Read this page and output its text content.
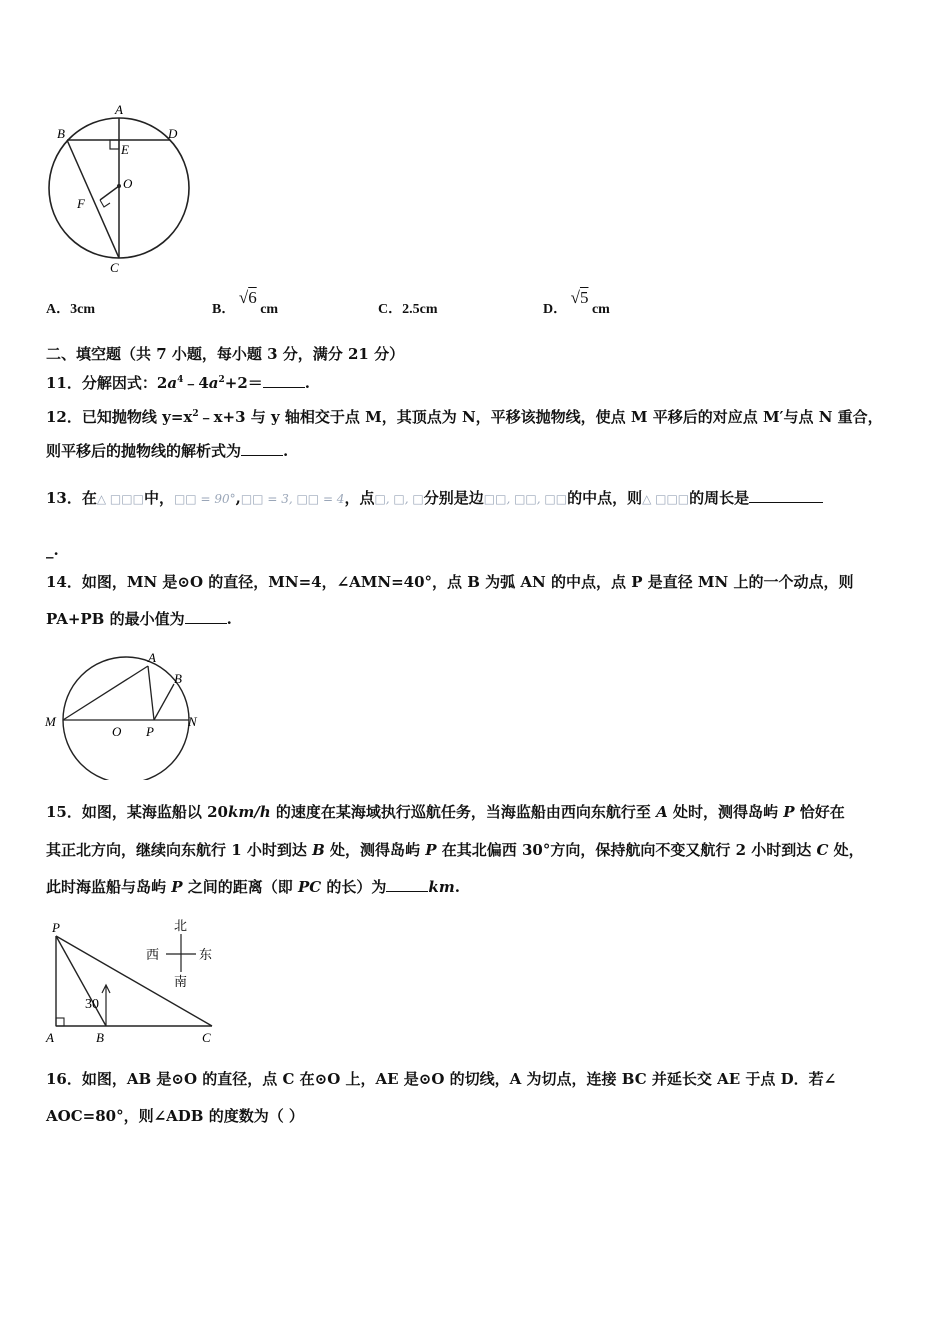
A
B	D
E
O
F
C
A．3cm	B． √6 cm	C．2.5cm	D． √5 cm
二、填空题（共 7 小题，每小题 3 分，满分 21 分）
11．分解因式：$2a^4﹣4a^2+2=$	.
12．已知抛物线 $y=x^2﹣x+3$ 与 y 轴相交于点 M，其顶点为 N，平移该抛物线，使点 M 平移后的对应点 M′与点 N 重合，
则平移后的抛物线的解析式为	.
13．在△ □□□中，□□ = 90°,□□ = 3, □□ = 4，点□, □, □分别是边□□, □□, □□的中点，则△ □□□的周长是
_.
14．如图，MN 是⊙O 的直径，MN=4，∠AMN=40°，点 B 为弧 AN 的中点，点 P 是直径 MN 上的一个动点，则
PA+PB 的最小值为	.
M	N
O P
A
B
15．如图，某海监船以 20km/h 的速度在某海域执行巡航任务，当海监船由西向东航行至 A 处时，测得岛屿 P 恰好在
其正北方向，继续向东航行 1 小时到达 B 处，测得岛屿 P 在其北偏西 30°方向，保持航向不变又航行 2 小时到达 C 处，
此时海监船与岛屿 P 之间的距离（即 PC 的长）为	km.
30
P
A	B	C
北
南
西	东
16．如图，AB 是⊙O 的直径，点 C 在⊙O 上，AE 是⊙O 的切线，A 为切点，连接 BC 并延长交 AE 于点 D．若∠
AOC=80°，则∠ADB 的度数为（ ）
